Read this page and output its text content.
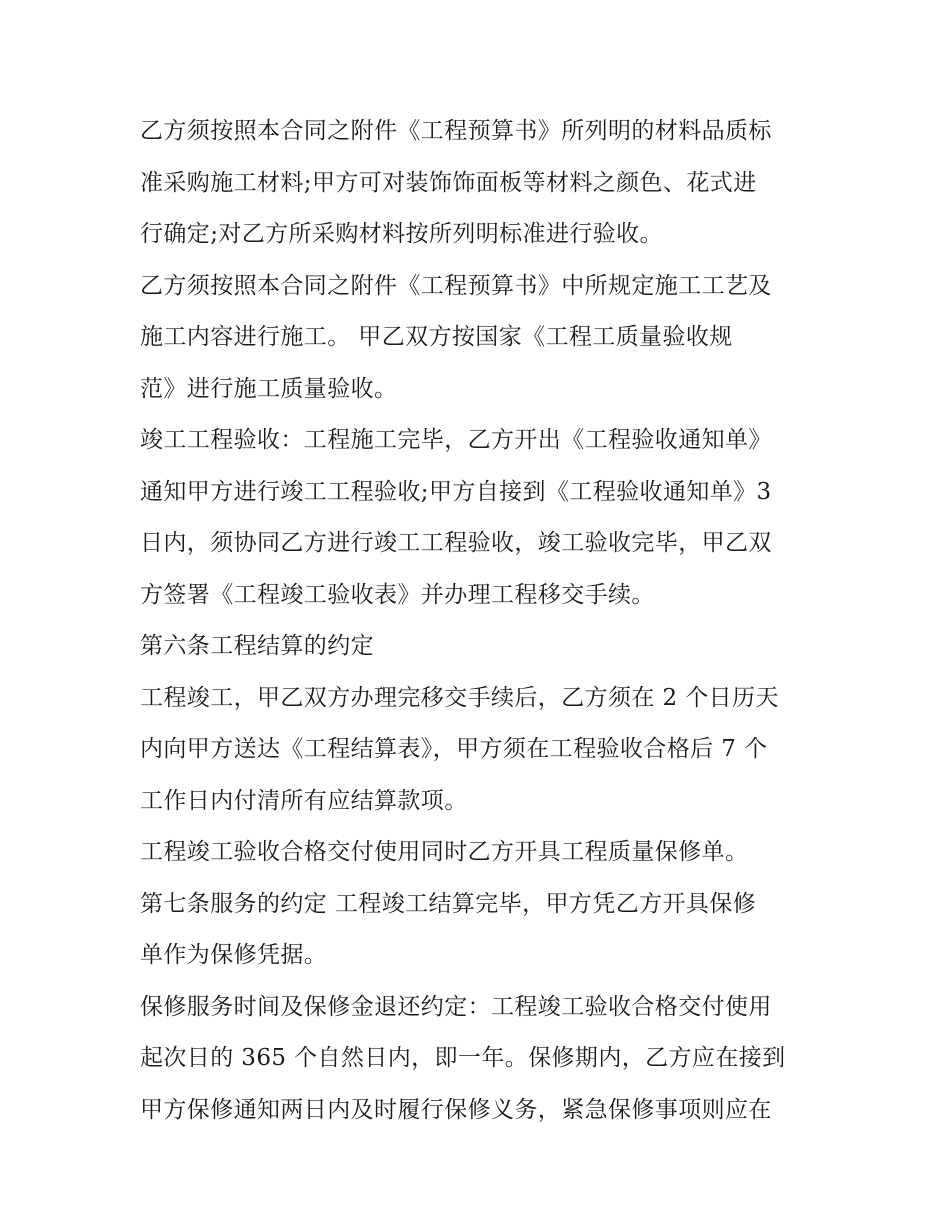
乙方须按照本合同之附件《工程预算书》所列明的材料品质标
准采购施工材料;甲方可对装饰饰面板等材料之颜色、花式进
行确定;对乙方所采购材料按所列明标准进行验收。
乙方须按照本合同之附件《工程预算书》中所规定施工工艺及
施工内容进行施工。 甲乙双方按国家《工程工质量验收规
范》进行施工质量验收。
竣工工程验收：工程施工完毕，乙方开出《工程验收通知单》
通知甲方进行竣工工程验收;甲方自接到《工程验收通知单》3
日内，须协同乙方进行竣工工程验收，竣工验收完毕，甲乙双
方签署《工程竣工验收表》并办理工程移交手续。
第六条工程结算的约定
工程竣工，甲乙双方办理完移交手续后，乙方须在 2 个日历天
内向甲方送达《工程结算表》，甲方须在工程验收合格后 7 个
工作日内付清所有应结算款项。
工程竣工验收合格交付使用同时乙方开具工程质量保修单。
第七条服务的约定 工程竣工结算完毕，甲方凭乙方开具保修
单作为保修凭据。
保修服务时间及保修金退还约定：工程竣工验收合格交付使用
起次日的 365 个自然日内，即一年。保修期内，乙方应在接到
甲方保修通知两日内及时履行保修义务，紧急保修事项则应在
